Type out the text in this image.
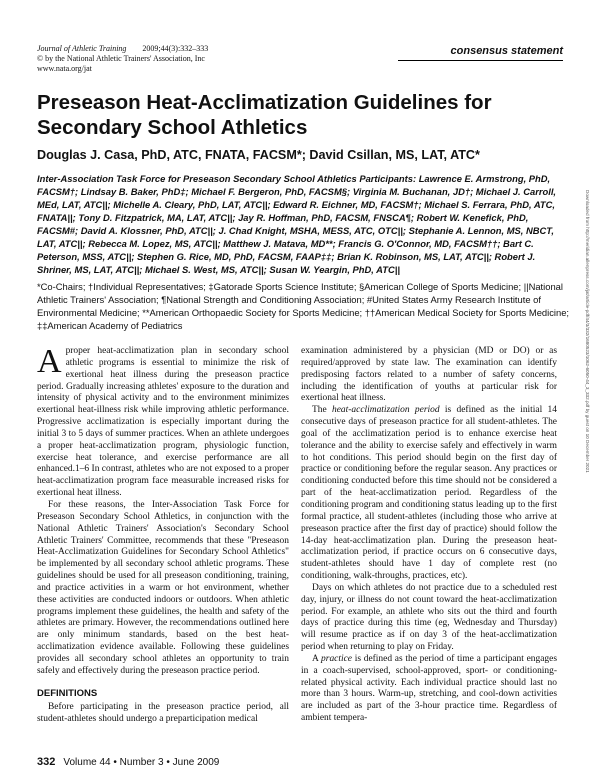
Journal of Athletic Training 2009;44(3):332–333
© by the National Athletic Trainers' Association, Inc
www.nata.org/jat
consensus statement
Preseason Heat-Acclimatization Guidelines for Secondary School Athletics
Douglas J. Casa, PhD, ATC, FNATA, FACSM*; David Csillan, MS, LAT, ATC*
Inter-Association Task Force for Preseason Secondary School Athletics Participants: Lawrence E. Armstrong, PhD, FACSM†; Lindsay B. Baker, PhD‡; Michael F. Bergeron, PhD, FACSM§; Virginia M. Buchanan, JD†; Michael J. Carroll, MEd, LAT, ATC||; Michelle A. Cleary, PhD, LAT, ATC||; Edward R. Eichner, MD, FACSM†; Michael S. Ferrara, PhD, ATC, FNATA||; Tony D. Fitzpatrick, MA, LAT, ATC||; Jay R. Hoffman, PhD, FACSM, FNSCA¶; Robert W. Kenefick, PhD, FACSM#; David A. Klossner, PhD, ATC||; J. Chad Knight, MSHA, MESS, ATC, OTC||; Stephanie A. Lennon, MS, NBCT, LAT, ATC||; Rebecca M. Lopez, MS, ATC||; Matthew J. Matava, MD**; Francis G. O'Connor, MD, FACSM††; Bart C. Peterson, MSS, ATC||; Stephen G. Rice, MD, PhD, FACSM, FAAP‡‡; Brian K. Robinson, MS, LAT, ATC||; Robert J. Shriner, MS, LAT, ATC||; Michael S. West, MS, ATC||; Susan W. Yeargin, PhD, ATC||
*Co-Chairs; †Individual Representatives; ‡Gatorade Sports Science Institute; §American College of Sports Medicine; ||National Athletic Trainers' Association; ¶National Strength and Conditioning Association; #United States Army Research Institute of Environmental Medicine; **American Orthopaedic Society for Sports Medicine; ††American Medical Society for Sports Medicine; ‡‡American Academy of Pediatrics	Downloaded from http://meridian.allenpress.com/jat/article-pdf/44/3/332/1680523/1062-6050-44_3_332.pdf by guest on 10 December 2021

Aproper heat-acclimatization plan in secondary school athletic programs is essential to minimize the risk of exertional heat illness during the preseason practice period. Gradually increasing athletes' exposure to the duration and intensity of physical activity and to the environment minimizes exertional heat-illness risk while improving athletic performance. Progressive acclimatization is especially important during the initial 3 to 5 days of summer practices. When an athlete undergoes a proper heat-acclimatization program, physiologic function, exercise heat tolerance, and exercise performance are all enhanced.1–6 In contrast, athletes who are not exposed to a proper heat-acclimatization program face measurable increased risks for exertional heat illness.

For these reasons, the Inter-Association Task Force for Preseason Secondary School Athletics, in conjunction with the National Athletic Trainers' Association's Secondary School Athletic Trainers' Committee, recommends that these "Preseason Heat-Acclimatization Guidelines for Secondary School Athletics" be implemented by all secondary school athletic programs. These guidelines should be used for all preseason conditioning, training, and practice activities in a warm or hot environment, whether these activities are conducted indoors or outdoors. When athletic programs implement these guidelines, the health and safety of the athletes are primary. However, the recommendations outlined here are only minimum standards, based on the best heat-acclimatization evidence available. Following these guidelines provides all secondary school athletes an opportunity to train safely and effectively during the preseason practice period.

DEFINITIONS

Before participating in the preseason practice period, all student-athletes should undergo a preparticipation medical

examination administered by a physician (MD or DO) or as required/approved by state law. The examination can identify predisposing factors related to a number of safety concerns, including the identification of youths at particular risk for exertional heat illness.

The heat-acclimatization period is defined as the initial 14 consecutive days of preseason practice for all student-athletes. The goal of the acclimatization period is to enhance exercise heat tolerance and the ability to exercise safely and effectively in warm to hot conditions. This period should begin on the first day of practice or conditioning before the regular season. Any practices or conditioning conducted before this time should not be considered a part of the heat-acclimatization period. Regardless of the conditioning program and conditioning status leading up to the first formal practice, all student-athletes (including those who arrive at preseason practice after the first day of practice) should follow the 14-day heat-acclimatization plan. During the preseason heat-acclimatization period, if practice occurs on 6 consecutive days, student-athletes should have 1 day of complete rest (no conditioning, walk-throughs, practices, etc).

Days on which athletes do not practice due to a scheduled rest day, injury, or illness do not count toward the heat-acclimatization period. For example, an athlete who sits out the third and fourth days of practice during this time (eg, Wednesday and Thursday) will resume practice as if on day 3 of the heat-acclimatization period when returning to play on Friday.

A practice is defined as the period of time a participant engages in a coach-supervised, school-approved, sport- or conditioning-related physical activity. Each individual practice should last no more than 3 hours. Warm-up, stretching, and cool-down activities are included as part of the 3-hour practice time. Regardless of ambient tempera-

332 Volume 44 • Number 3 • June 2009
